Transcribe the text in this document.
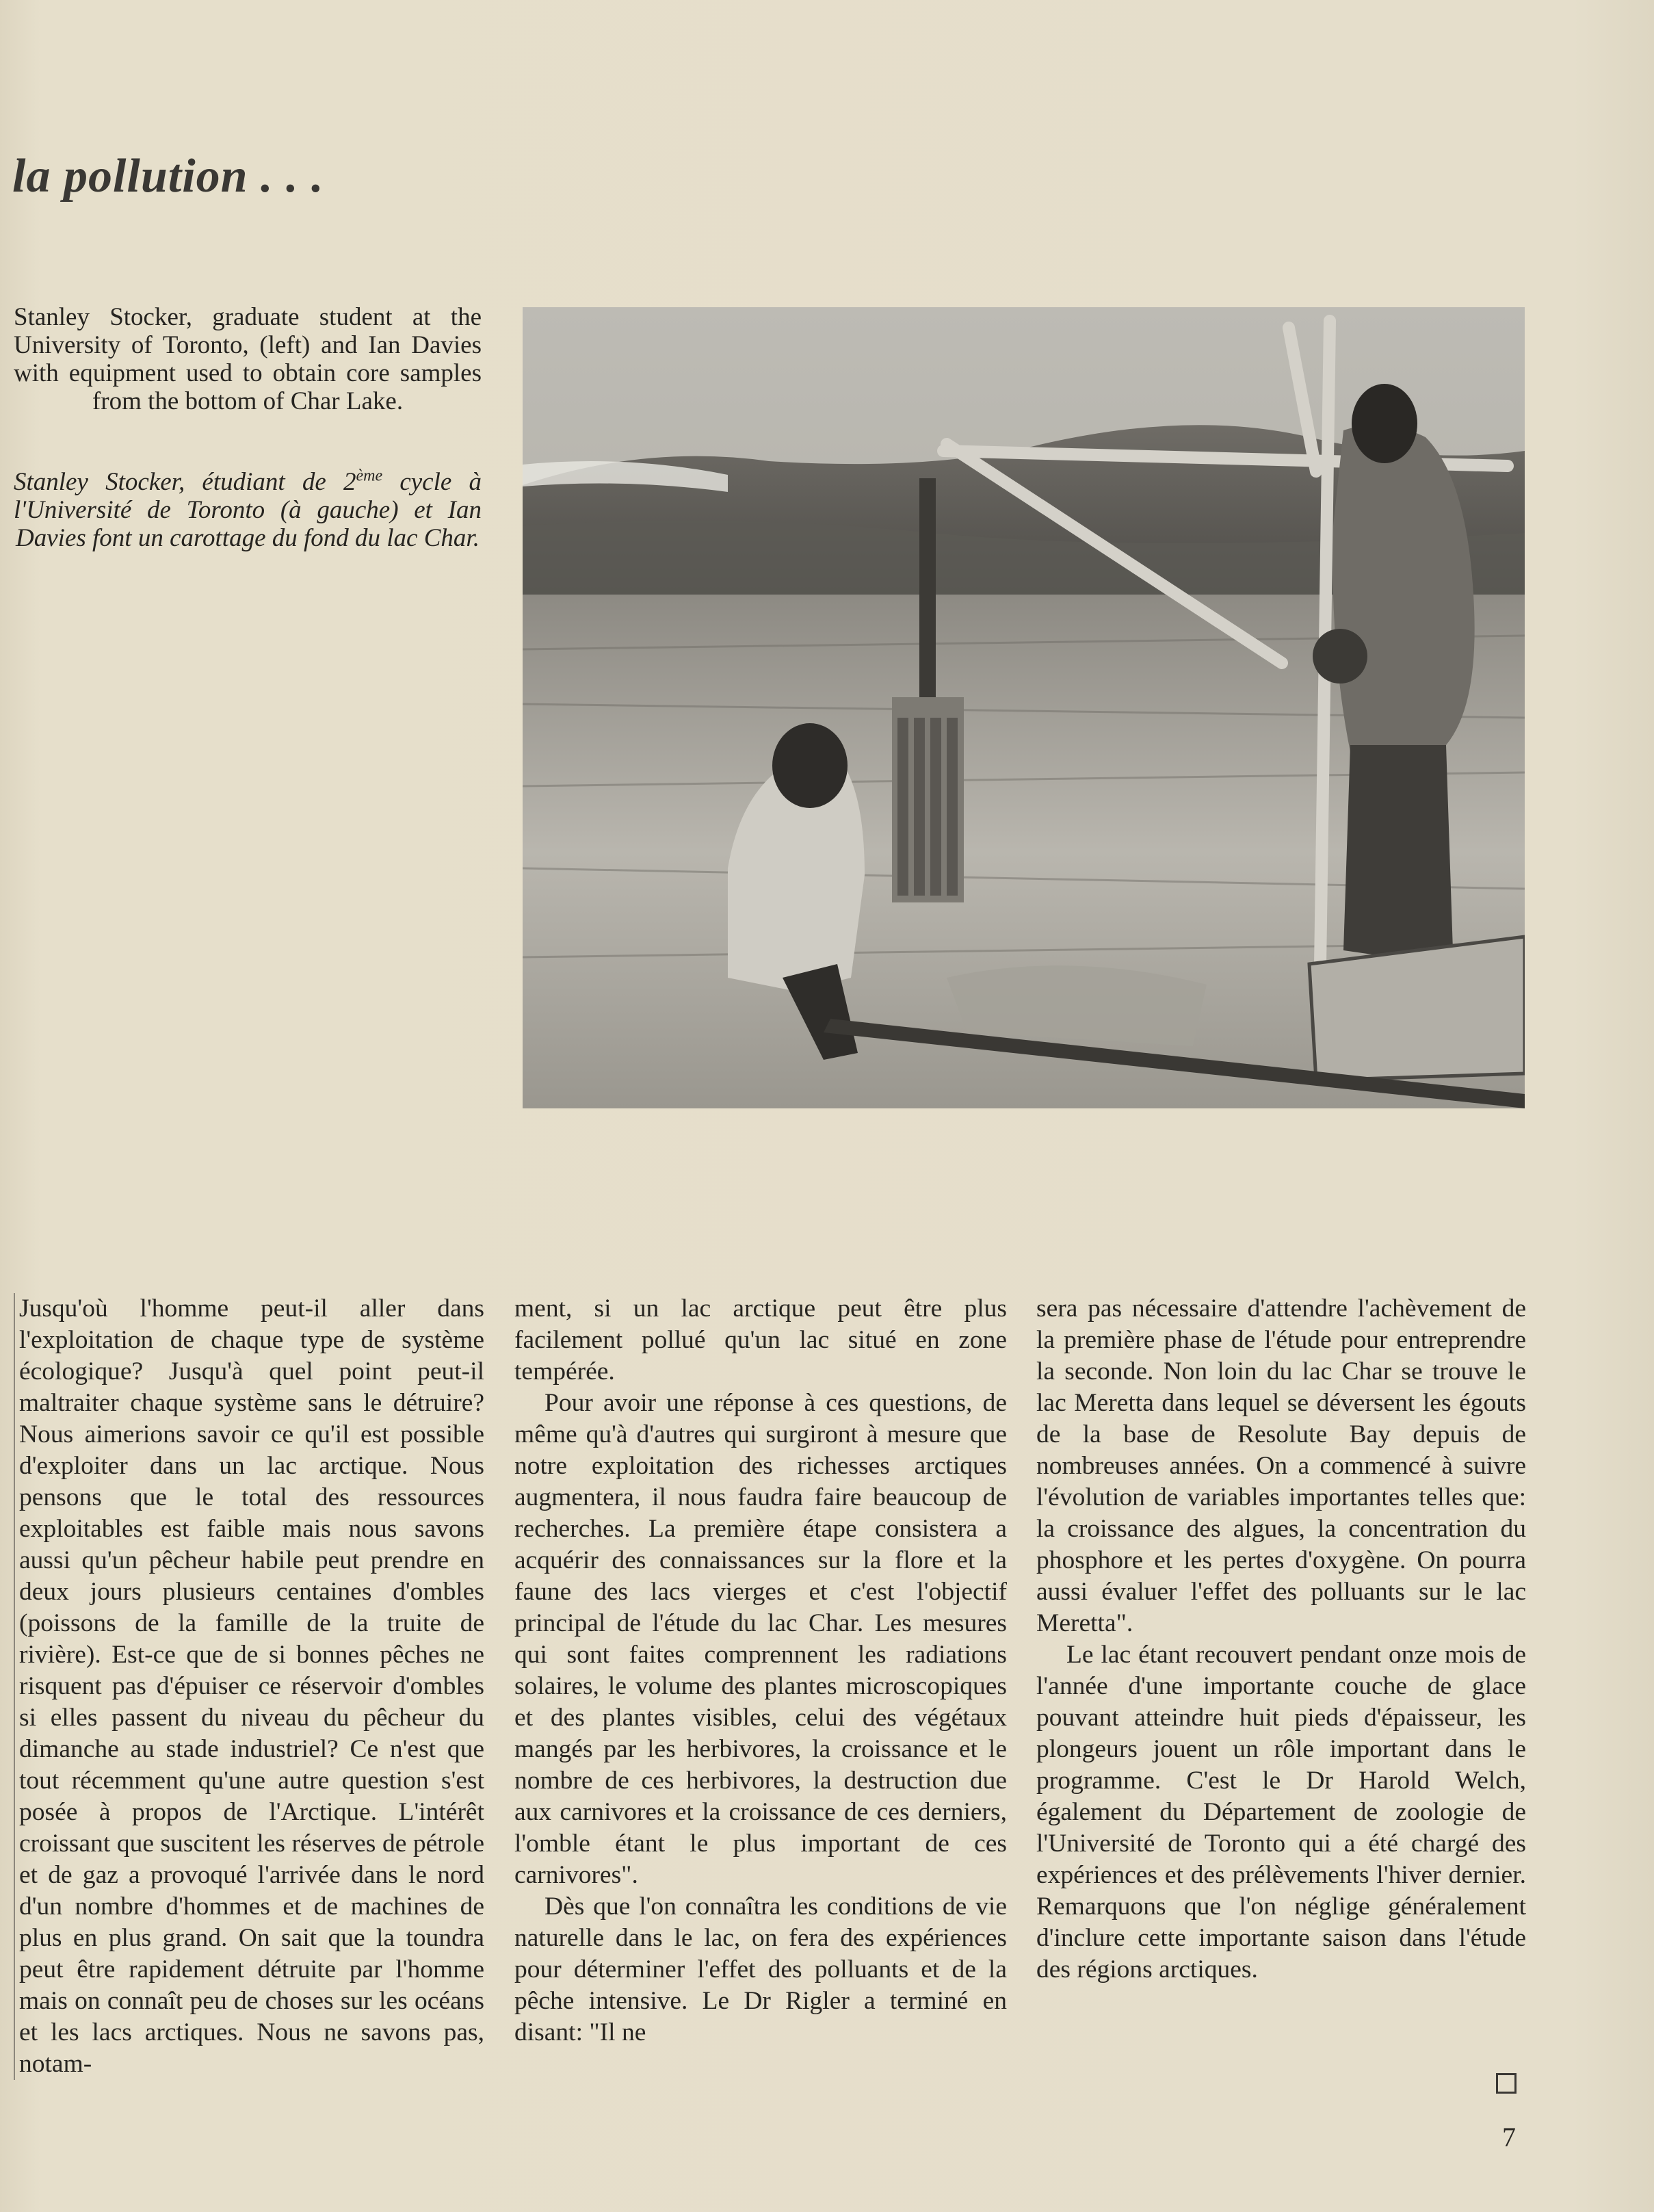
la pollution . . .

Stanley Stocker, graduate student at the University of Toronto, (left) and Ian Davies with equipment used to obtain core samples from the bottom of Char Lake.

Stanley Stocker, étudiant de 2ème cycle à l'Université de Toronto (à gauche) et Ian Davies font un carottage du fond du lac Char.

Jusqu'où l'homme peut-il aller dans l'exploitation de chaque type de système écologique? Jusqu'à quel point peut-il maltraiter chaque système sans le détruire? Nous aimerions savoir ce qu'il est possible d'exploiter dans un lac arctique. Nous pensons que le total des ressources exploitables est faible mais nous savons aussi qu'un pêcheur habile peut prendre en deux jours plusieurs centaines d'ombles (poissons de la famille de la truite de rivière). Est-ce que de si bonnes pêches ne risquent pas d'épuiser ce réservoir d'ombles si elles passent du niveau du pêcheur du dimanche au stade industriel? Ce n'est que tout récemment qu'une autre question s'est posée à propos de l'Arctique. L'intérêt croissant que suscitent les réserves de pétrole et de gaz a provoqué l'arrivée dans le nord d'un nombre d'hommes et de machines de plus en plus grand. On sait que la toundra peut être rapidement détruite par l'homme mais on connaît peu de choses sur les océans et les lacs arctiques. Nous ne savons pas, notam-

ment, si un lac arctique peut être plus facilement pollué qu'un lac situé en zone tempérée.

Pour avoir une réponse à ces questions, de même qu'à d'autres qui surgiront à mesure que notre exploitation des richesses arctiques augmentera, il nous faudra faire beaucoup de recherches. La première étape consistera a acquérir des connaissances sur la flore et la faune des lacs vierges et c'est l'objectif principal de l'étude du lac Char. Les mesures qui sont faites comprennent les radiations solaires, le volume des plantes microscopiques et des plantes visibles, celui des végétaux mangés par les herbivores, la croissance et le nombre de ces herbivores, la destruction due aux carnivores et la croissance de ces derniers, l'omble étant le plus important de ces carnivores".

Dès que l'on connaîtra les conditions de vie naturelle dans le lac, on fera des expériences pour déterminer l'effet des polluants et de la pêche intensive. Le Dr Rigler a terminé en disant: "Il ne

sera pas nécessaire d'attendre l'achèvement de la première phase de l'étude pour entreprendre la seconde. Non loin du lac Char se trouve le lac Meretta dans lequel se déversent les égouts de la base de Resolute Bay depuis de nombreuses années. On a commencé à suivre l'évolution de variables importantes telles que: la croissance des algues, la concentration du phosphore et les pertes d'oxygène. On pourra aussi évaluer l'effet des polluants sur le lac Meretta".

Le lac étant recouvert pendant onze mois de l'année d'une importante couche de glace pouvant atteindre huit pieds d'épaisseur, les plongeurs jouent un rôle important dans le programme. C'est le Dr Harold Welch, également du Département de zoologie de l'Université de Toronto qui a été chargé des expériences et des prélèvements l'hiver dernier. Remarquons que l'on néglige généralement d'inclure cette importante saison dans l'étude des régions arctiques.

7
